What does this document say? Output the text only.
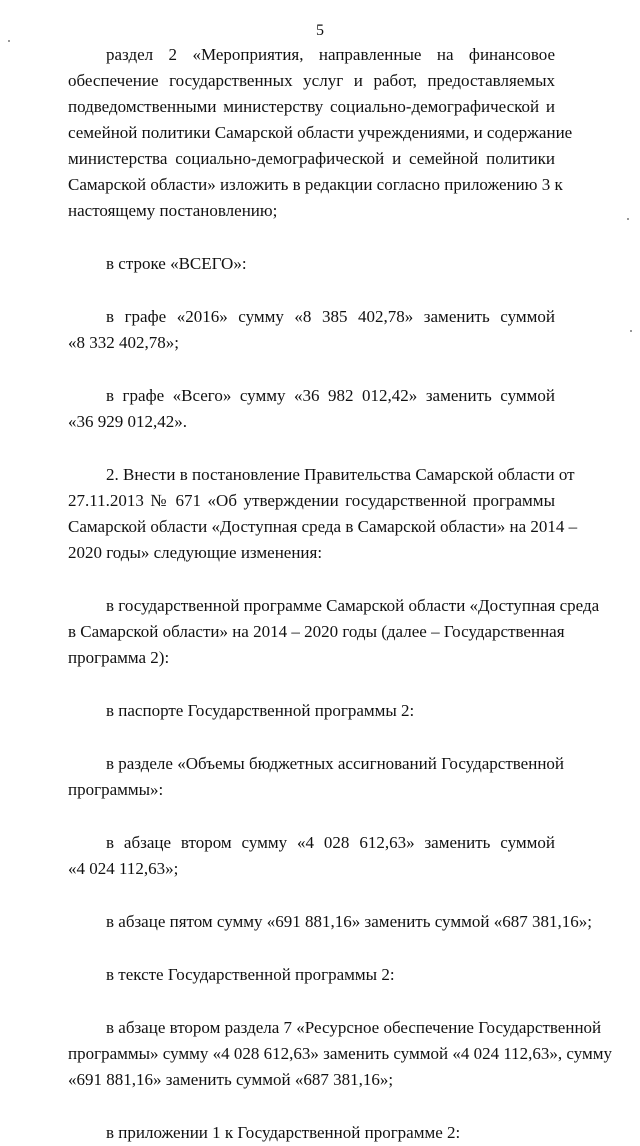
5
раздел 2 «Мероприятия, направленные на финансовое
обеспечение государственных услуг и работ, предоставляемых
подведомственными министерству социально-демографической и
семейной политики Самарской области учреждениями, и содержание
министерства социально-демографической и семейной политики
Самарской области» изложить в редакции согласно приложению 3 к
настоящему постановлению;
в строке «ВСЕГО»:
в графе «2016» сумму «8 385 402,78» заменить суммой
«8 332 402,78»;
в графе «Всего» сумму «36 982 012,42» заменить суммой
«36 929 012,42».
2. Внести в постановление Правительства Самарской области от
27.11.2013 № 671 «Об утверждении государственной программы
Самарской области «Доступная среда в Самарской области» на 2014 –
2020 годы» следующие изменения:
в государственной программе Самарской области «Доступная среда
в Самарской области» на 2014 – 2020 годы (далее – Государственная
программа 2):
в паспорте Государственной программы 2:
в разделе «Объемы бюджетных ассигнований Государственной
программы»:
в абзаце втором сумму «4 028 612,63» заменить суммой
«4 024 112,63»;
в абзаце пятом сумму «691 881,16» заменить суммой «687 381,16»;
в тексте Государственной программы 2:
в абзаце втором раздела 7 «Ресурсное обеспечение Государственной
программы» сумму «4 028 612,63» заменить суммой «4 024 112,63», сумму
«691 881,16» заменить суммой «687 381,16»;
в приложении 1 к Государственной программе 2:
